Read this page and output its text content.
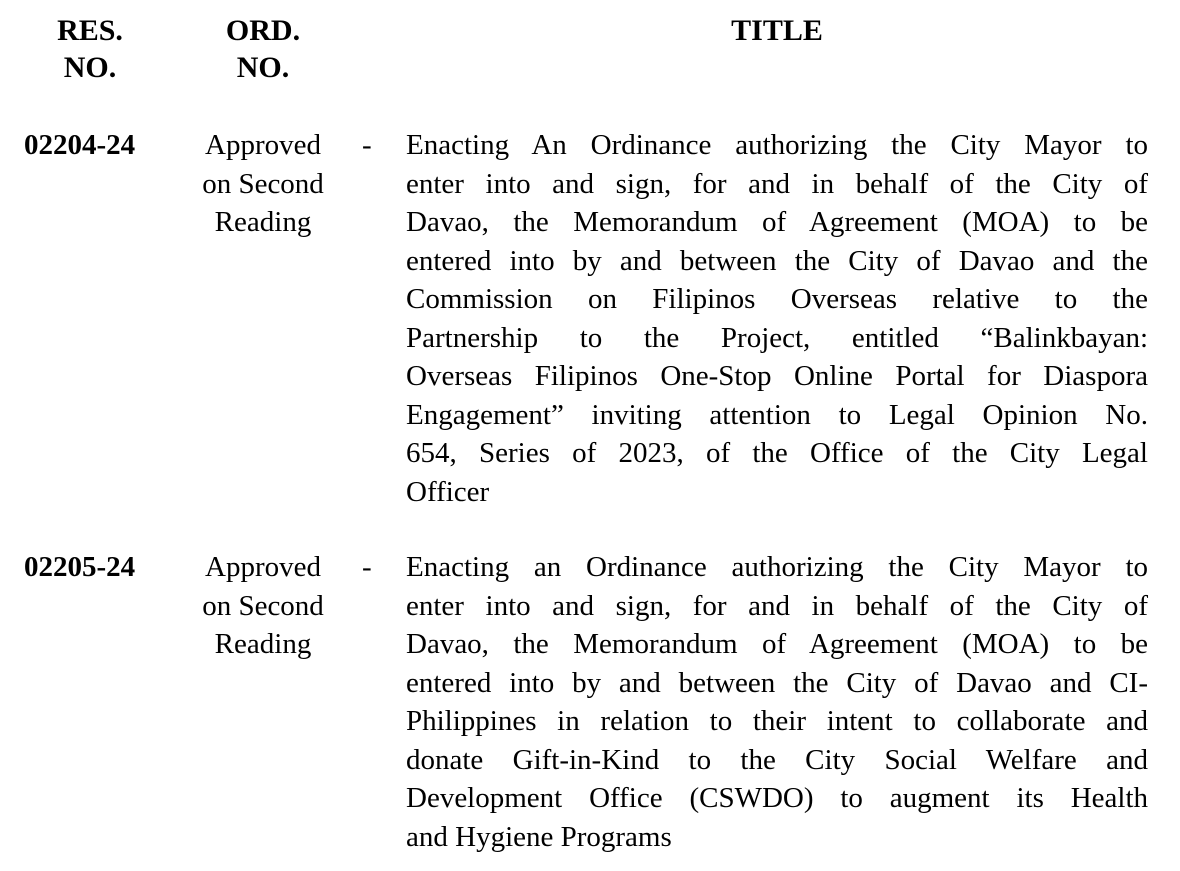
RES.
NO.
ORD.
NO.
TITLE
02204-24	Approved
on Second
Reading
- Enacting An Ordinance authorizing the City Mayor to
enter into and sign, for and in behalf of the City of
Davao, the Memorandum of Agreement (MOA) to be
entered into by and between the City of Davao and the
Commission on Filipinos Overseas relative to the
Partnership to the Project, entitled “Balinkbayan:
Overseas Filipinos One-Stop Online Portal for Diaspora
Engagement” inviting attention to Legal Opinion No.
654, Series of 2023, of the Office of the City Legal
Officer
02205-24	Approved
on Second
Reading
- Enacting an Ordinance authorizing the City Mayor to
enter into and sign, for and in behalf of the City of
Davao, the Memorandum of Agreement (MOA) to be
entered into by and between the City of Davao and CI-
Philippines in relation to their intent to collaborate and
donate Gift-in-Kind to the City Social Welfare and
Development Office (CSWDO) to augment its Health
and Hygiene Programs
